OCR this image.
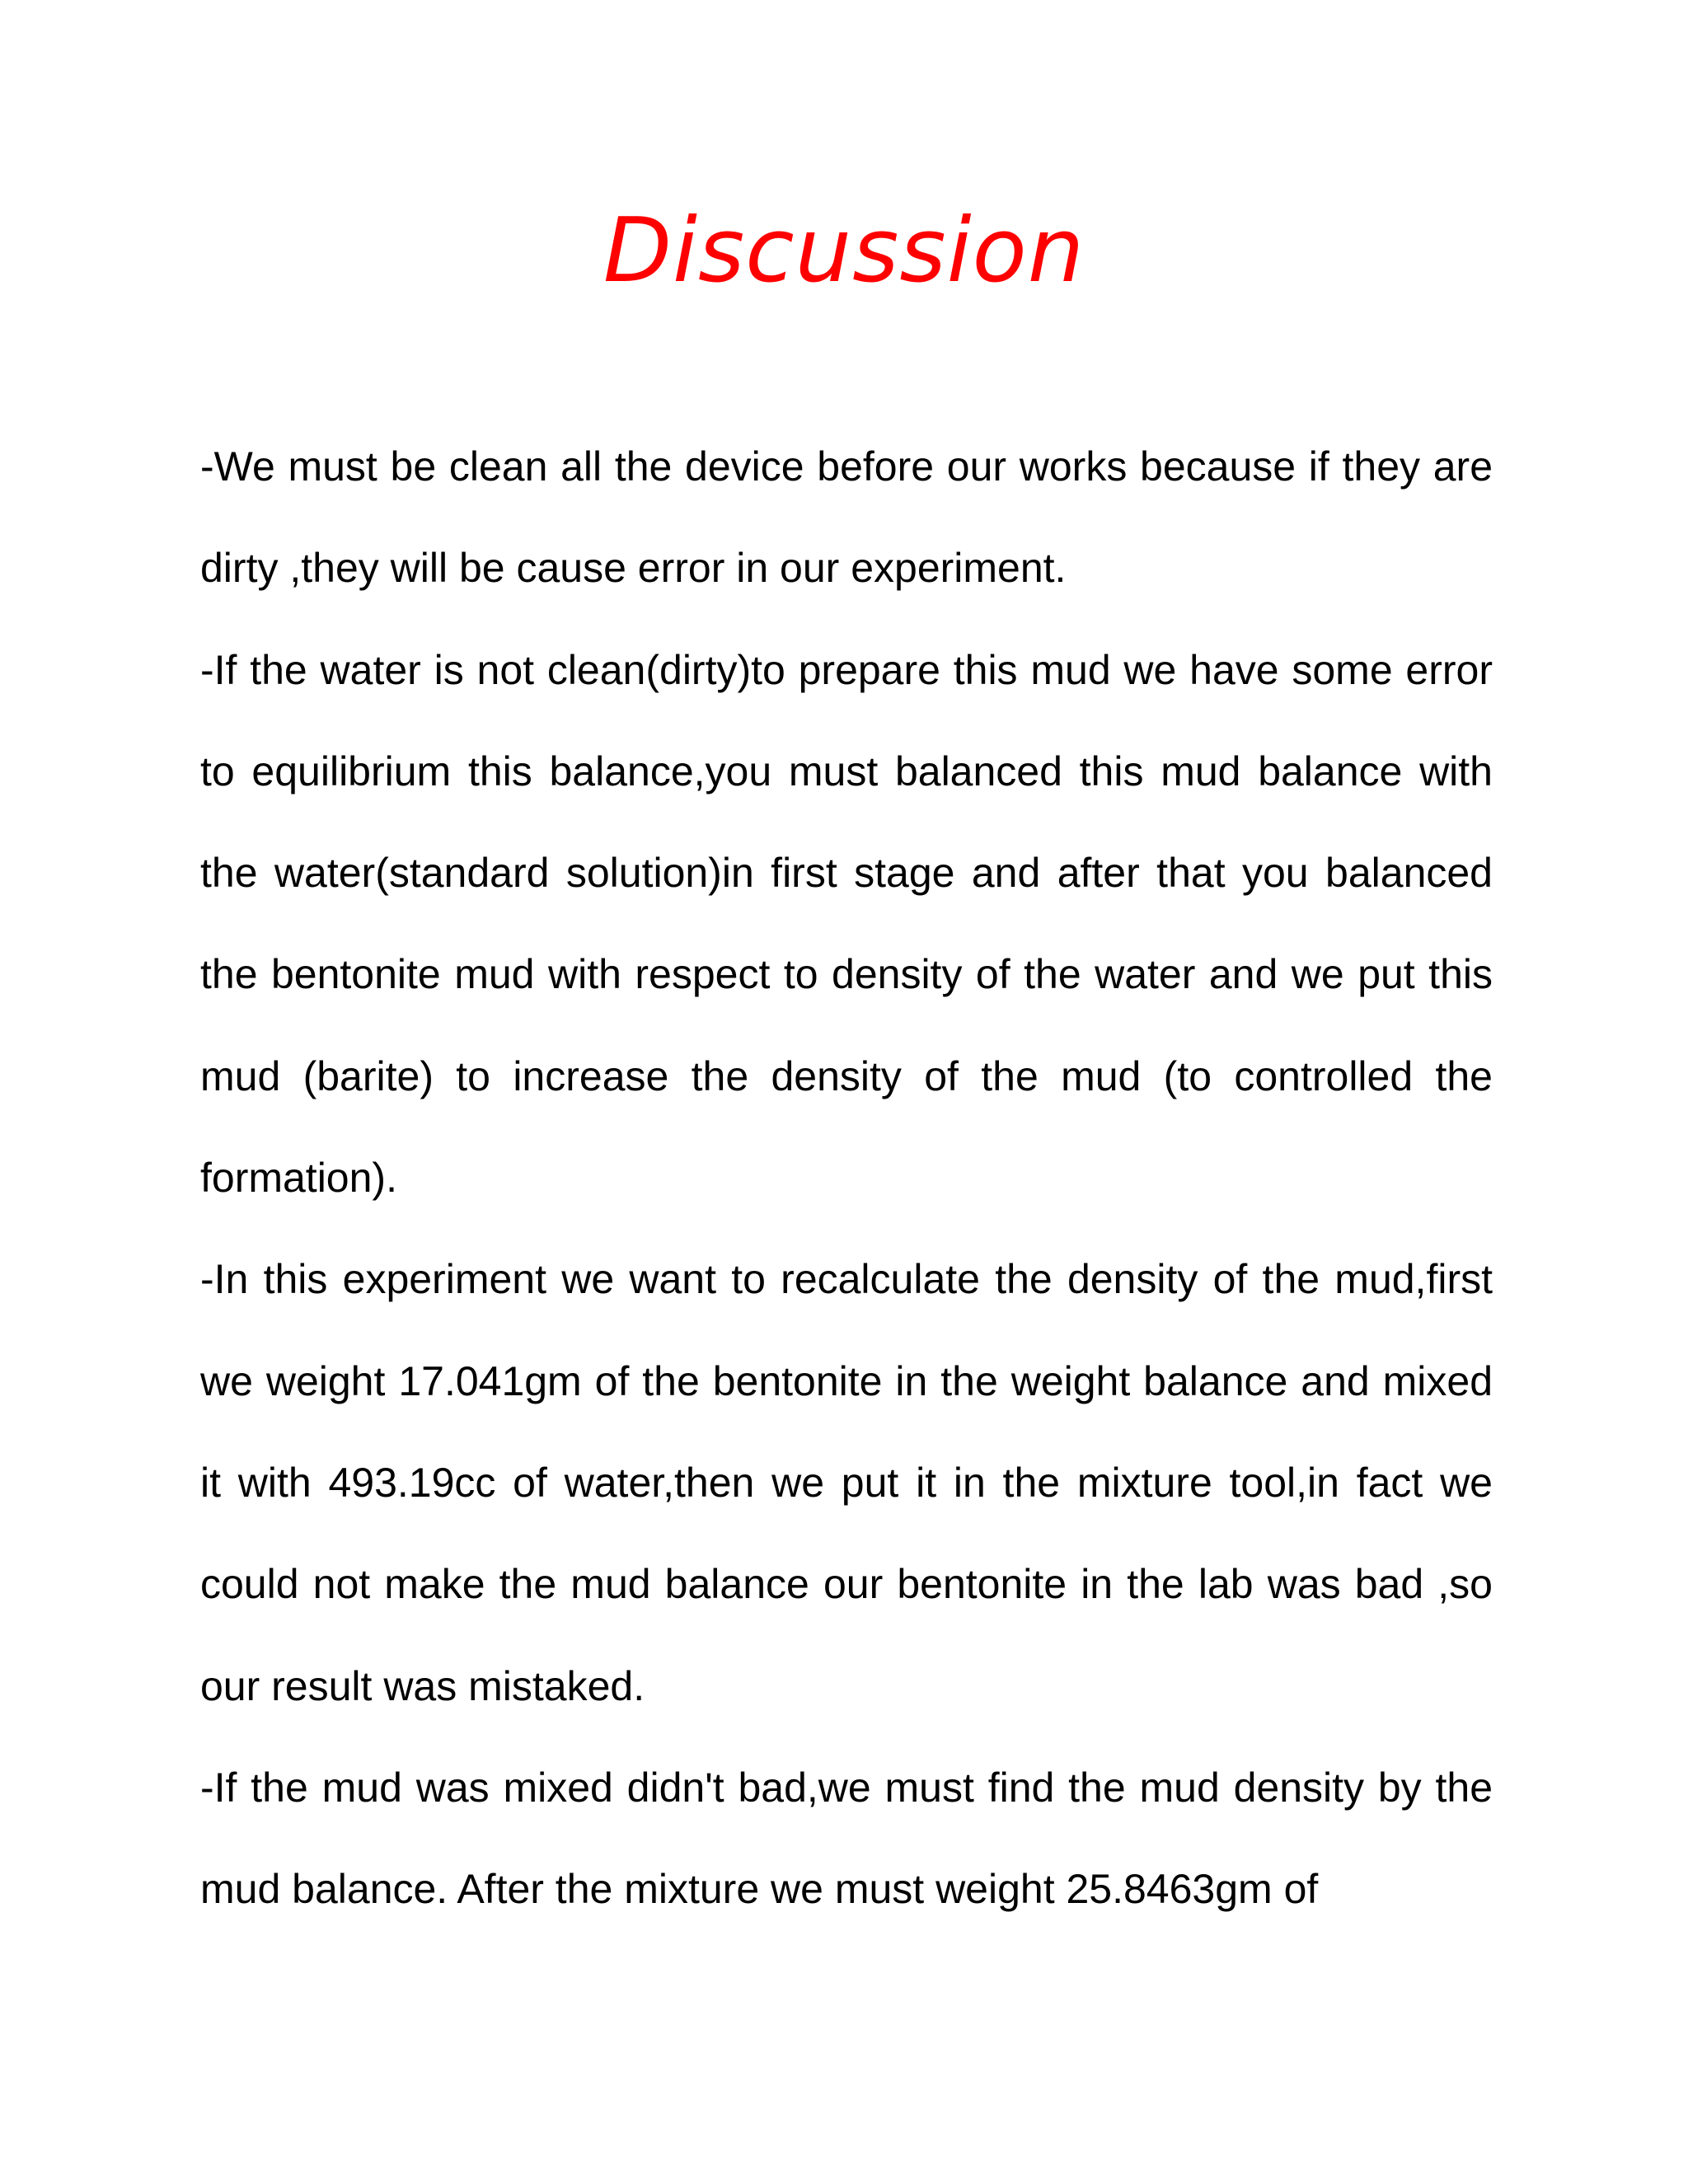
Discussion

-We must be clean all the device before our works because if they are dirty ,they will be cause error in our experiment.

-If the water is not clean(dirty)to prepare this mud we have some error to equilibrium this balance,you must balanced this mud balance with the water(standard solution)in first stage and after that you balanced the bentonite mud with respect to density of the water and we put this mud (barite) to increase the density of the mud (to controlled the formation).

-In this experiment we want to recalculate the density of the mud,first we weight 17.041gm of the bentonite in the weight balance and mixed it with 493.19cc of water,then we put it in the mixture tool,in fact we could not make the mud balance our bentonite in the lab was bad ,so our result was mistaked.

-If the mud was mixed didn't bad,we must find the mud density by the mud balance. After the mixture we must weight 25.8463gm of
